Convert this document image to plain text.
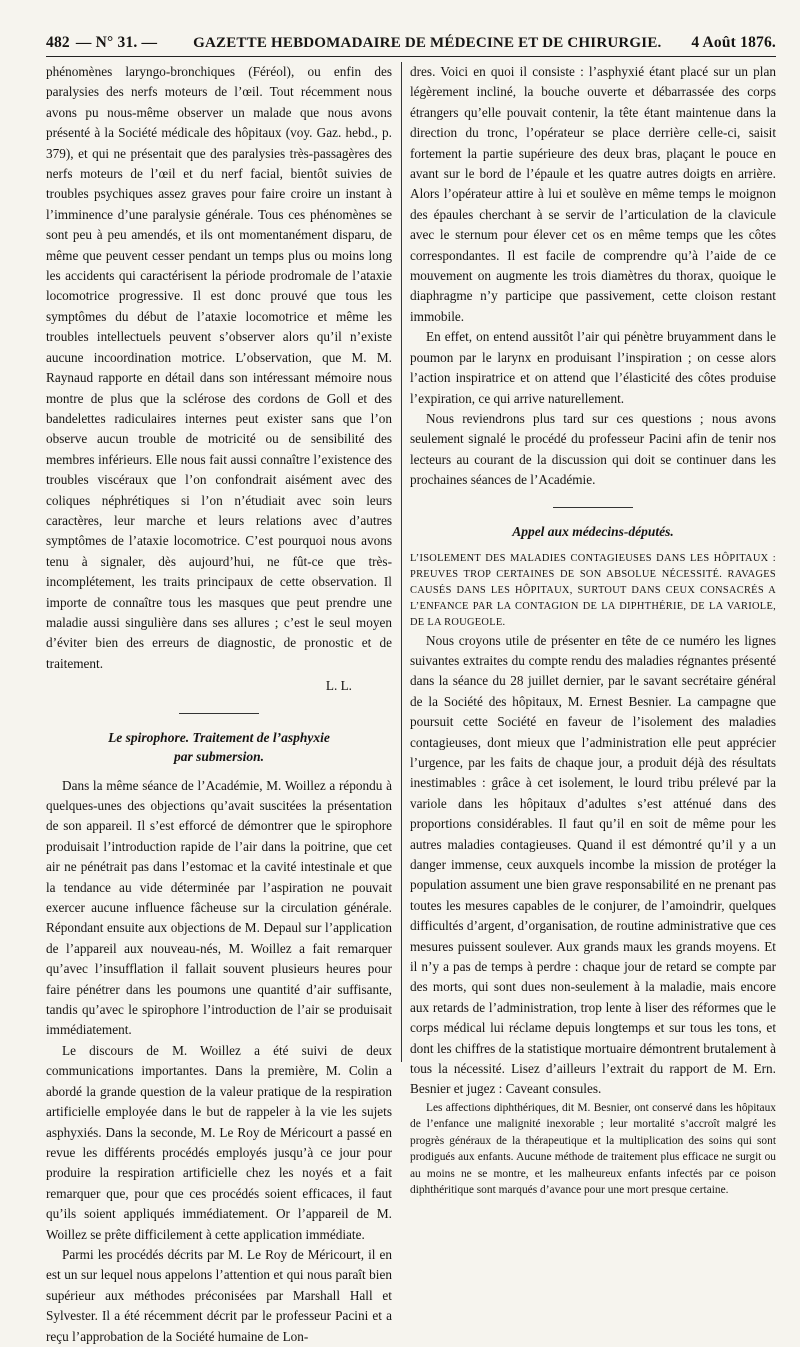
482 — N° 31. —	GAZETTE HEBDOMADAIRE DE MÉDECINE ET DE CHIRURGIE.	4 Août 1876.

phénomènes laryngo-bronchiques (Féréol), ou enfin des paralysies des nerfs moteurs de l’œil. Tout récemment nous avons pu nous-même observer un malade que nous avons présenté à la Société médicale des hôpitaux (voy. Gaz. hebd., p. 379), et qui ne présentait que des paralysies très-passagères des nerfs moteurs de l’œil et du nerf facial, bientôt suivies de troubles psychiques assez graves pour faire croire un instant à l’imminence d’une paralysie générale. Tous ces phénomènes se sont peu à peu amendés, et ils ont momentanément disparu, de même que peuvent cesser pendant un temps plus ou moins long les accidents qui caractérisent la période prodromale de l’ataxie locomotrice progressive. Il est donc prouvé que tous les symptômes du début de l’ataxie locomotrice et même les troubles intellectuels peuvent s’observer alors qu’il n’existe aucune incoordination motrice. L’observation, que M. M. Raynaud rapporte en détail dans son intéressant mémoire nous montre de plus que la sclérose des cordons de Goll et des bandelettes radiculaires internes peut exister sans que l’on observe aucun trouble de motricité ou de sensibilité des membres inférieurs. Elle nous fait aussi connaître l’existence des troubles viscéraux que l’on confondrait aisément avec des coliques néphrétiques si l’on n’étudiait avec soin leurs caractères, leur marche et leurs relations avec d’autres symptômes de l’ataxie locomotrice. C’est pourquoi nous avons tenu à signaler, dès aujourd’hui, ne fût-ce que très-incomplétement, les traits principaux de cette observation. Il importe de connaître tous les masques que peut prendre une maladie aussi singulière dans ses allures ; c’est le seul moyen d’éviter bien des erreurs de diagnostic, de pronostic et de traitement.

L. L.
Le spirophore. Traitement de l’asphyxie
par submersion.

Dans la même séance de l’Académie, M. Woillez a répondu à quelques-unes des objections qu’avait suscitées la présentation de son appareil. Il s’est efforcé de démontrer que le spirophore produisait l’introduction rapide de l’air dans la poitrine, que cet air ne pénétrait pas dans l’estomac et la cavité intestinale et que la tendance au vide déterminée par l’aspiration ne pouvait exercer aucune influence fâcheuse sur la circulation générale. Répondant ensuite aux objections de M. Depaul sur l’application de l’appareil aux nouveau-nés, M. Woillez a fait remarquer qu’avec l’insufflation il fallait souvent plusieurs heures pour faire pénétrer dans les poumons une quantité d’air suffisante, tandis qu’avec le spirophore l’introduction de l’air se produisait immédiatement.

Le discours de M. Woillez a été suivi de deux communications importantes. Dans la première, M. Colin a abordé la grande question de la valeur pratique de la respiration artificielle employée dans le but de rappeler à la vie les sujets asphyxiés. Dans la seconde, M. Le Roy de Méricourt a passé en revue les différents procédés employés jusqu’à ce jour pour produire la respiration artificielle chez les noyés et a fait remarquer que, pour que ces procédés soient efficaces, il faut qu’ils soient appliqués immédiatement. Or l’appareil de M. Woillez se prête difficilement à cette application immédiate.

Parmi les procédés décrits par M. Le Roy de Méricourt, il en est un sur lequel nous appelons l’attention et qui nous paraît bien supérieur aux méthodes préconisées par Marshall Hall et Sylvester. Il a été récemment décrit par le professeur Pacini et a reçu l’approbation de la Société humaine de Lon-

dres. Voici en quoi il consiste : l’asphyxié étant placé sur un plan légèrement incliné, la bouche ouverte et débarrassée des corps étrangers qu’elle pouvait contenir, la tête étant maintenue dans la direction du tronc, l’opérateur se place derrière celle-ci, saisit fortement la partie supérieure des deux bras, plaçant le pouce en avant sur le bord de l’épaule et les quatre autres doigts en arrière. Alors l’opérateur attire à lui et soulève en même temps le moignon des épaules cherchant à se servir de l’articulation de la clavicule avec le sternum pour élever cet os en même temps que les côtes correspondantes. Il est facile de comprendre qu’à l’aide de ce mouvement on augmente les trois diamètres du thorax, quoique le diaphragme n’y participe que passivement, cette cloison restant immobile.

En effet, on entend aussitôt l’air qui pénètre bruyamment dans le poumon par le larynx en produisant l’inspiration ; on cesse alors l’action inspiratrice et on attend que l’élasticité des côtes produise l’expiration, ce qui arrive naturellement.

Nous reviendrons plus tard sur ces questions ; nous avons seulement signalé le procédé du professeur Pacini afin de tenir nos lecteurs au courant de la discussion qui doit se continuer dans les prochaines séances de l’Académie.

Appel aux médecins-députés.

L’ISOLEMENT DES MALADIES CONTAGIEUSES DANS LES HÔPITAUX : PREUVES TROP CERTAINES DE SON ABSOLUE NÉCESSITÉ. RAVAGES CAUSÉS DANS LES HÔPITAUX, SURTOUT DANS CEUX CONSACRÉS A L’ENFANCE PAR LA CONTAGION DE LA DIPHTHÉRIE, DE LA VARIOLE, DE LA ROUGEOLE.

Nous croyons utile de présenter en tête de ce numéro les lignes suivantes extraites du compte rendu des maladies régnantes présenté dans la séance du 28 juillet dernier, par le savant secrétaire général de la Société des hôpitaux, M. Ernest Besnier. La campagne que poursuit cette Société en faveur de l’isolement des maladies contagieuses, dont mieux que l’administration elle peut apprécier l’urgence, par les faits de chaque jour, a produit déjà des résultats inestimables : grâce à cet isolement, le lourd tribu prélevé par la variole dans les hôpitaux d’adultes s’est atténué dans des proportions considérables. Il faut qu’il en soit de même pour les autres maladies contagieuses. Quand il est démontré qu’il y a un danger immense, ceux auxquels incombe la mission de protéger la population assument une bien grave responsabilité en ne prenant pas toutes les mesures capables de le conjurer, de l’amoindrir, quelques difficultés d’argent, d’organisation, de routine administrative que ces mesures puissent soulever. Aux grands maux les grands moyens. Et il n’y a pas de temps à perdre : chaque jour de retard se compte par des morts, qui sont dues non-seulement à la maladie, mais encore aux retards de l’administration, trop lente à liser des réformes que le corps médical lui réclame depuis longtemps et sur tous les tons, et dont les chiffres de la statistique mortuaire démontrent brutalement à tous la nécessité. Lisez d’ailleurs l’extrait du rapport de M. Ern. Besnier et jugez : Caveant consules.

Les affections diphthériques, dit M. Besnier, ont conservé dans les hôpitaux de l’enfance une malignité inexorable ; leur mortalité s’accroît malgré les progrès généraux de la thérapeutique et la multiplication des soins qui sont prodigués aux enfants. Aucune méthode de traitement plus efficace ne surgit ou au moins ne se montre, et les malheureux enfants infectés par ce poison diphthéritique sont marqués d’avance pour une mort presque certaine.
